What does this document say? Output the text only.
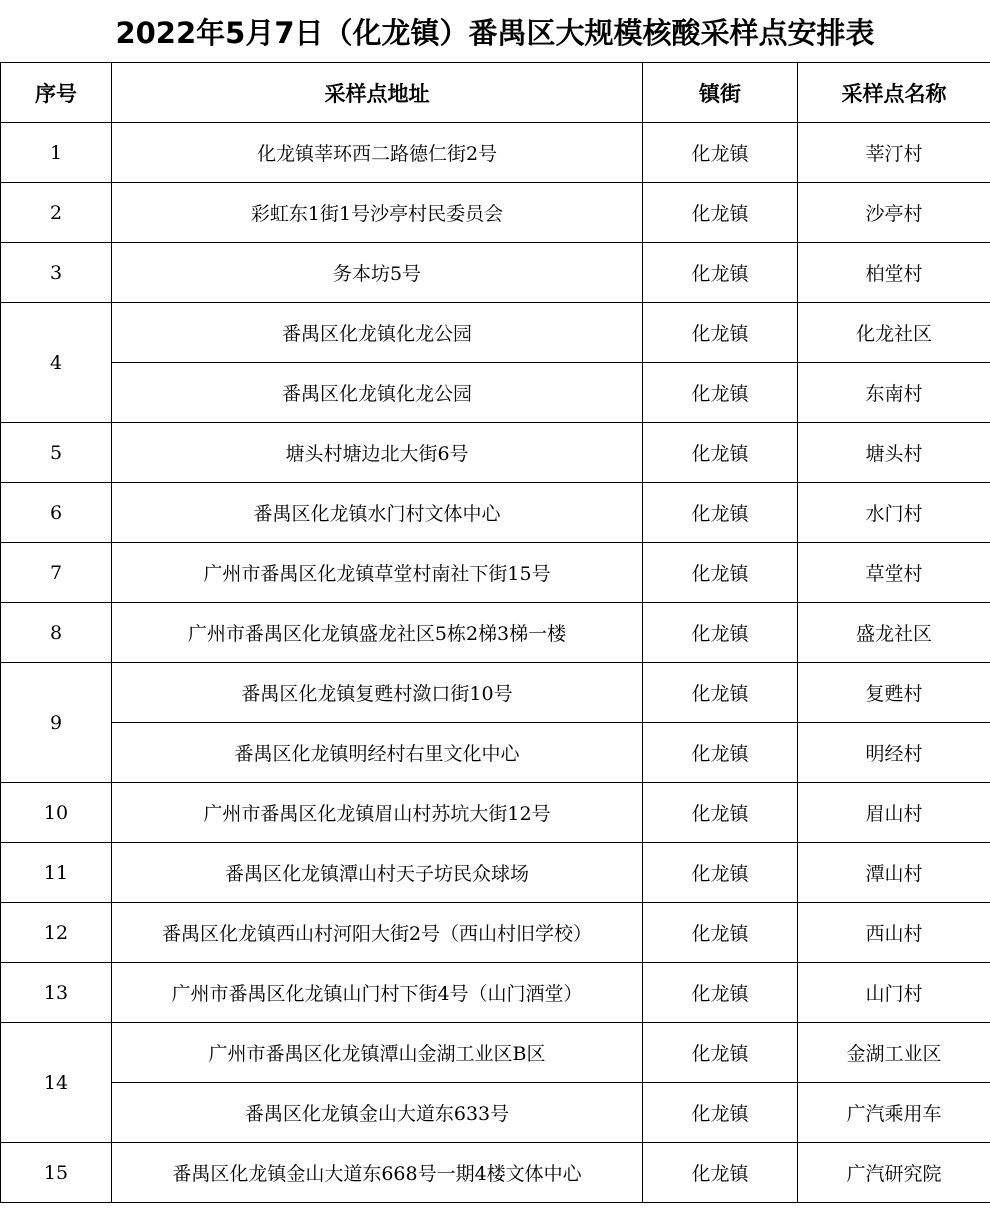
2022年5月7日（化龙镇）番禺区大规模核酸采样点安排表
序号	采样点地址	镇街	采样点名称
1	化龙镇莘环西二路德仁街2号	化龙镇	莘汀村
2	彩虹东1街1号沙亭村民委员会	化龙镇	沙亭村
3	务本坊5号	化龙镇	柏堂村
4	番禺区化龙镇化龙公园	化龙镇	化龙社区
	番禺区化龙镇化龙公园	化龙镇	东南村
5	塘头村塘边北大街6号	化龙镇	塘头村
6	番禺区化龙镇水门村文体中心	化龙镇	水门村
7	广州市番禺区化龙镇草堂村南社下街15号	化龙镇	草堂村
8	广州市番禺区化龙镇盛龙社区5栋2梯3梯一楼	化龙镇	盛龙社区
9	番禺区化龙镇复甦村潋口街10号	化龙镇	复甦村
	番禺区化龙镇明经村右里文化中心	化龙镇	明经村
10	广州市番禺区化龙镇眉山村苏坑大街12号	化龙镇	眉山村
11	番禺区化龙镇潭山村天子坊民众球场	化龙镇	潭山村
12	番禺区化龙镇西山村河阳大街2号（西山村旧学校）	化龙镇	西山村
13	广州市番禺区化龙镇山门村下街4号（山门酒堂）	化龙镇	山门村
14	广州市番禺区化龙镇潭山金湖工业区B区	化龙镇	金湖工业区
	番禺区化龙镇金山大道东633号	化龙镇	广汽乘用车
15	番禺区化龙镇金山大道东668号一期4楼文体中心	化龙镇	广汽研究院
